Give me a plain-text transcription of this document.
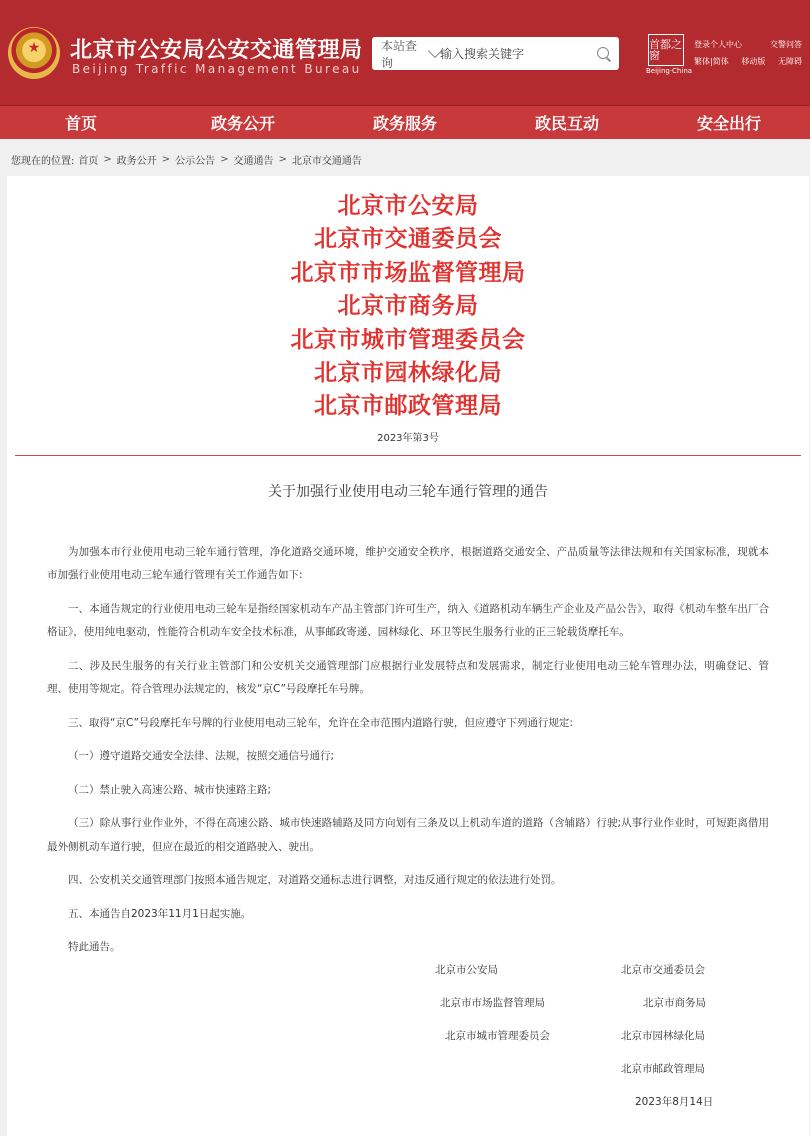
★ 北京市公安局公安交通管理局
Beijing Traffic Management Bureau
本站查询
输入搜索关键字
首都之窗
Beijing·China
登录个人中心	交警问答
繁体|简体 移动版 无障碍
首页	政务公开	政务服务	政民互动	安全出行
您现在的位置: 首页 > 政务公开 > 公示公告 > 交通通告 > 北京市交通通告
北京市公安局
北京市交通委员会
北京市市场监督管理局
北京市商务局
北京市城市管理委员会
北京市园林绿化局
北京市邮政管理局
2023年第3号
关于加强行业使用电动三轮车通行管理的通告

为加强本市行业使用电动三轮车通行管理，净化道路交通环境，维护交通安全秩序，根据道路交通安全、产品质量等法律法规和有关国家标准，现就本市加强行业使用电动三轮车通行管理有关工作通告如下:

一、本通告规定的行业使用电动三轮车是指经国家机动车产品主管部门许可生产，纳入《道路机动车辆生产企业及产品公告》，取得《机动车整车出厂合格证》，使用纯电驱动，性能符合机动车安全技术标准，从事邮政寄递、园林绿化、环卫等民生服务行业的正三轮载货摩托车。

二、涉及民生服务的有关行业主管部门和公安机关交通管理部门应根据行业发展特点和发展需求，制定行业使用电动三轮车管理办法，明确登记、管理、使用等规定。符合管理办法规定的，核发“京C”号段摩托车号牌。

三、取得“京C”号段摩托车号牌的行业使用电动三轮车，允许在全市范围内道路行驶，但应遵守下列通行规定:

（一）遵守道路交通安全法律、法规，按照交通信号通行;

（二）禁止驶入高速公路、城市快速路主路;

（三）除从事行业作业外，不得在高速公路、城市快速路辅路及同方向划有三条及以上机动车道的道路（含辅路）行驶;从事行业作业时，可短距离借用最外侧机动车道行驶，但应在最近的相交道路驶入、驶出。

四、公安机关交通管理部门按照本通告规定，对道路交通标志进行调整，对违反通行规定的依法进行处罚。

五、本通告自2023年11月1日起实施。

特此通告。

北京市公安局	北京市交通委员会
北京市市场监督管理局	北京市商务局
北京市城市管理委员会	北京市园林绿化局
北京市邮政管理局
2023年8月14日
